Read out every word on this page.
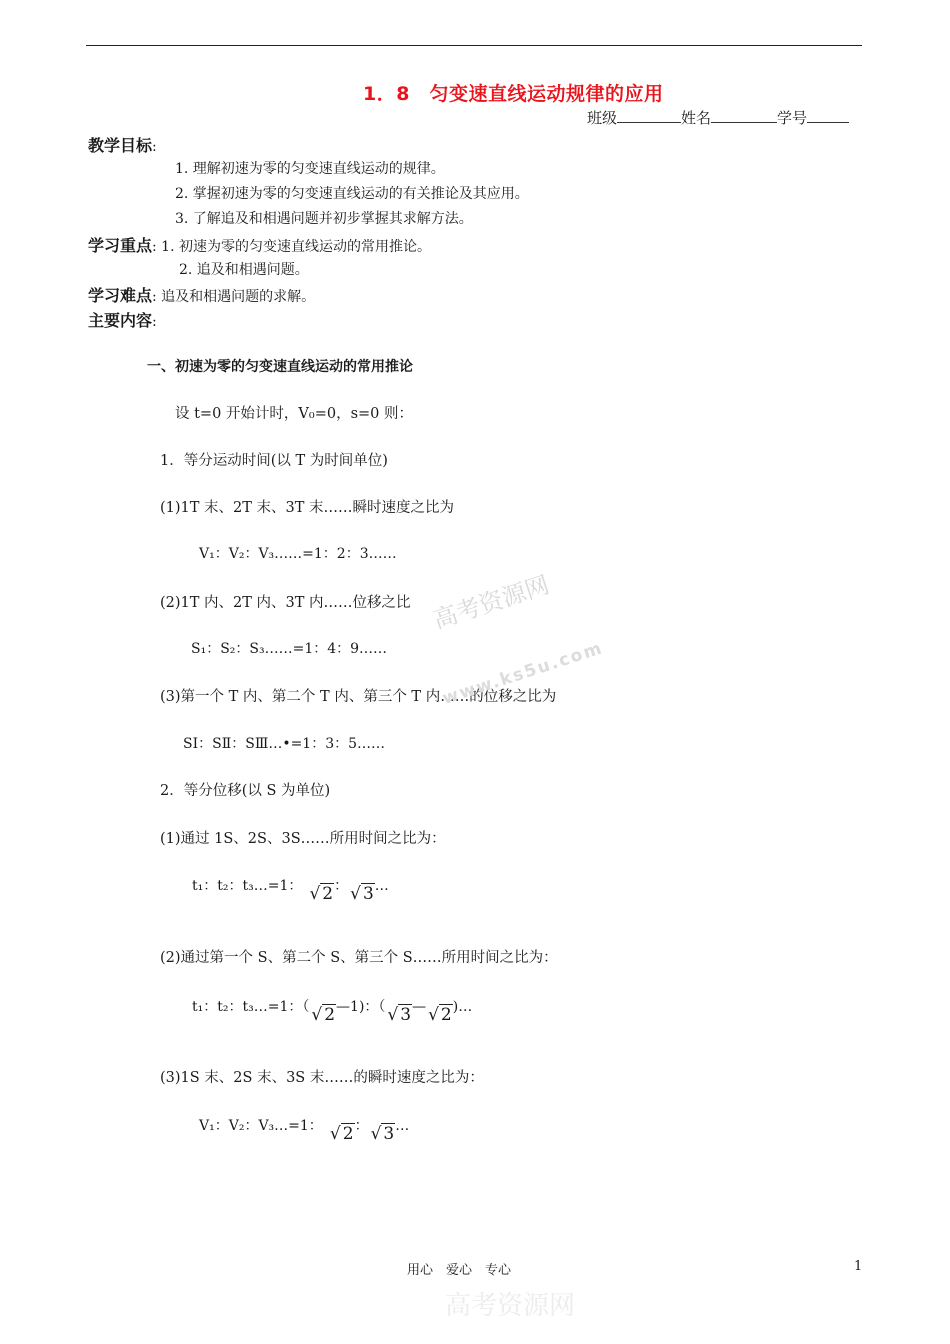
1．8　匀变速直线运动规律的应用
班级	姓名	学号
教学目标:
1. 理解初速为零的匀变速直线运动的规律。
2. 掌握初速为零的匀变速直线运动的有关推论及其应用。
3. 了解追及和相遇问题并初步掌握其求解方法。
学习重点: 1. 初速为零的匀变速直线运动的常用推论。
2. 追及和相遇问题。
学习难点: 追及和相遇问题的求解。
主要内容:
一、初速为零的匀变速直线运动的常用推论
设 t=0 开始计时，V₀=0，s=0 则：
1．等分运动时间(以 T 为时间单位)
(1)1T 末、2T 末、3T 末……瞬时速度之比为
V₁：V₂：V₃……=1：2：3……
(2)1T 内、2T 内、3T 内……位移之比
S₁：S₂：S₃……=1：4：9……
(3)第一个 T 内、第二个 T 内、第三个 T 内……的位移之比为
SⅠ：SⅡ：SⅢ…•=1：3：5……
2．等分位移(以 S 为单位)
(1)通过 1S、2S、3S……所用时间之比为：
t₁：t₂：t₃…=1： √ 2： √ 3…
(2)通过第一个 S、第二个 S、第三个 S……所用时间之比为：
t₁：t₂：t₃…=1：（ √ 2—1)：（ √ 3— √ 2)…
(3)1S 末、2S 末、3S 末……的瞬时速度之比为：
V₁：V₂：V₃…=1： √ 2： √ 3…
高考资源网
www.ks5u.com
用心　爱心　专心	1
高考资源网
